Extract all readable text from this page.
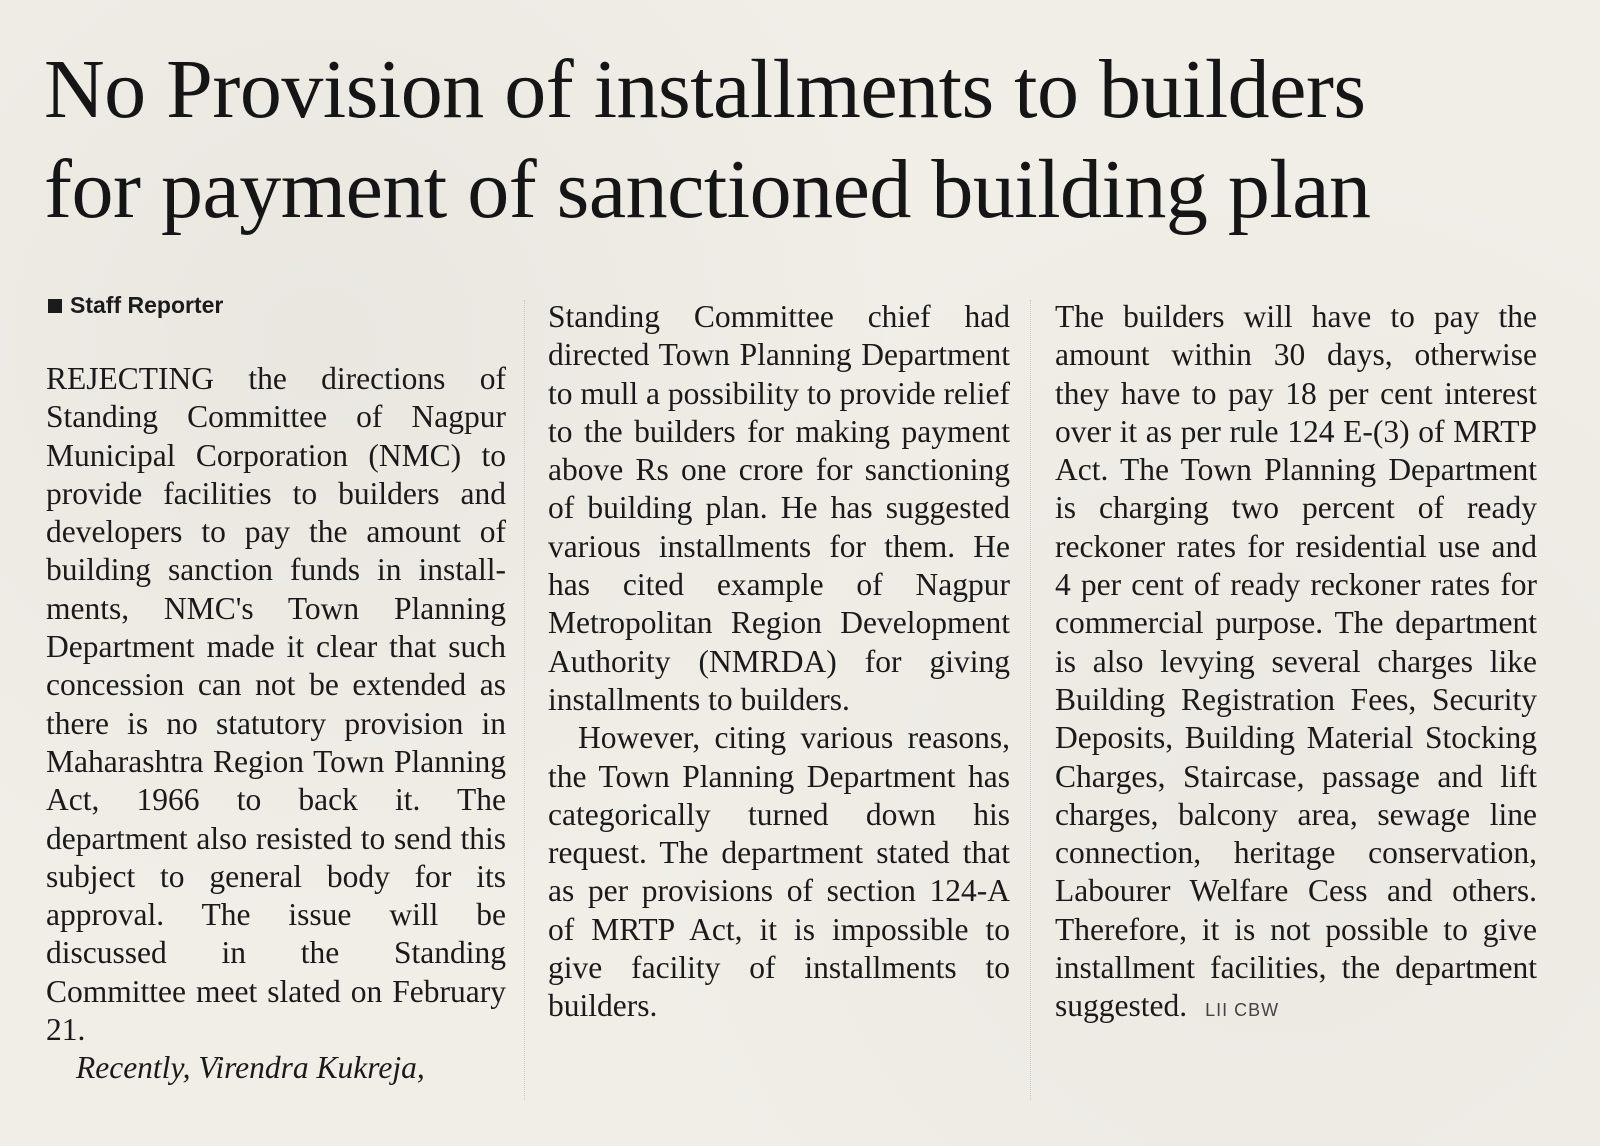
No Provision of installments to builders
for payment of sanctioned building plan
Staff Reporter

REJECTING the directions of Standing Committee of Nagpur Municipal Corporation (NMC) to provide facilities to builders and developers to pay the amount of building sanction funds in installments, NMC's Town Planning Department made it clear that such concession can not be extended as there is no statutory provision in Maharashtra Region Town Planning Act, 1966 to back it. The department also resisted to send this subject to general body for its approval. The issue will be discussed in the Standing Committee meet slated on February 21.

Recently, Virendra Kukreja,

Standing Committee chief had directed Town Planning Department to mull a possibility to provide relief to the builders for making payment above Rs one crore for sanctioning of building plan. He has suggested various installments for them. He has cited example of Nagpur Metropolitan Region Development Authority (NMRDA) for giving installments to builders.

However, citing various reasons, the Town Planning Department has categorically turned down his request. The department stated that as per provisions of section 124-A of MRTP Act, it is impossible to give facility of installments to builders.

The builders will have to pay the amount within 30 days, otherwise they have to pay 18 per cent interest over it as per rule 124 E-(3) of MRTP Act. The Town Planning Department is charging two percent of ready reckoner rates for residential use and 4 per cent of ready reckoner rates for commercial purpose. The department is also levying several charges like Building Registration Fees, Security Deposits, Building Material Stocking Charges, Staircase, passage and lift charges, balcony area, sewage line connection, heritage conservation, Labourer Welfare Cess and others. Therefore, it is not possible to give installment facilities, the department suggested. LII CBW
